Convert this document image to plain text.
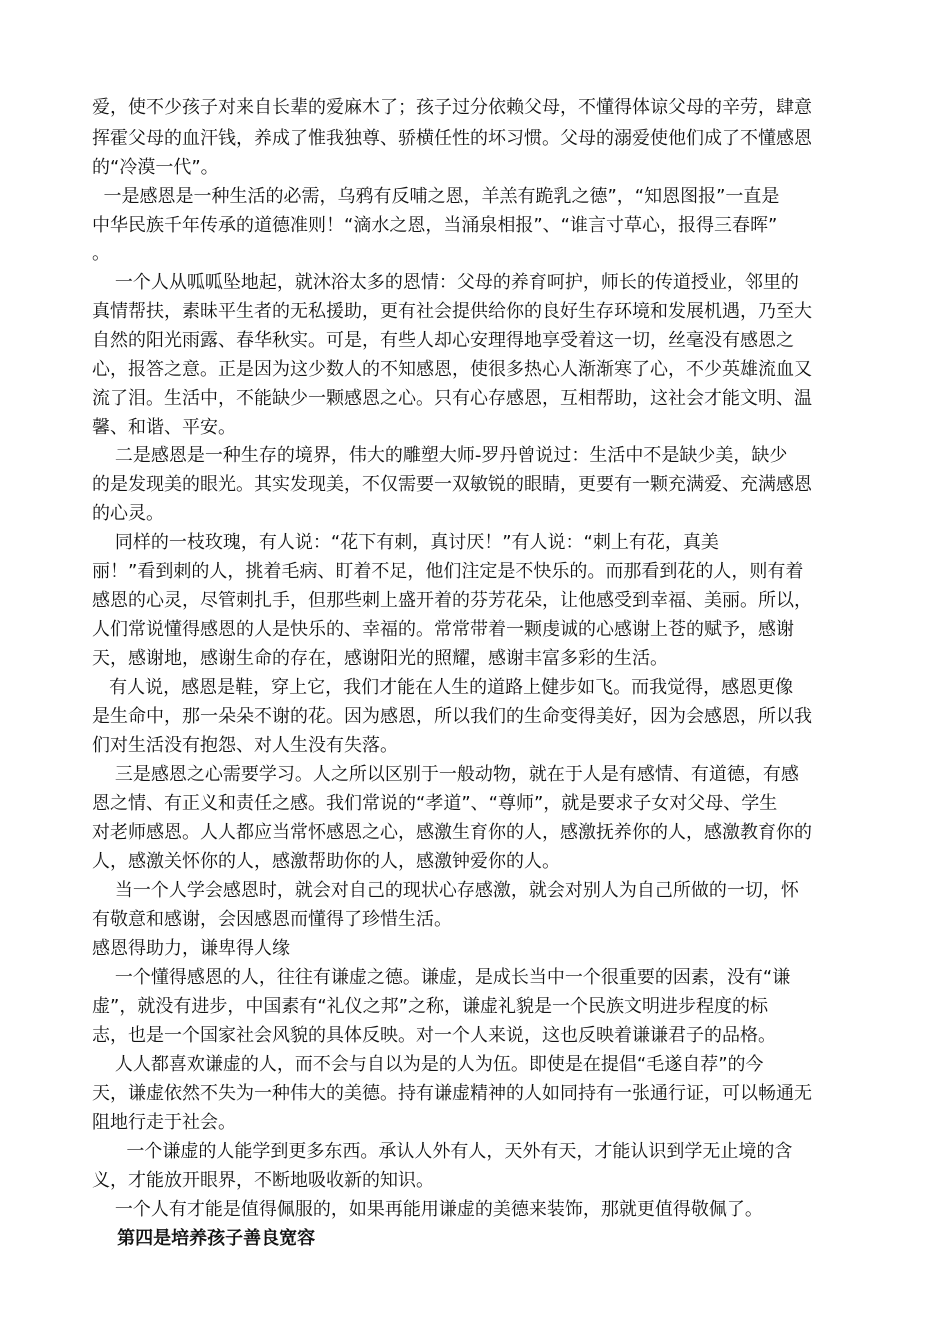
爱，使不少孩子对来自长辈的爱麻木了；孩子过分依赖父母，不懂得体谅父母的辛劳，肆意
挥霍父母的血汗钱，养成了惟我独尊、骄横任性的坏习惯。父母的溺爱使他们成了不懂感恩
的“冷漠一代”。
一是感恩是一种生活的必需，乌鸦有反哺之恩，羊羔有跪乳之德”，“知恩图报”一直是
中华民族千年传承的道德准则！“滴水之恩，当涌泉相报”、“谁言寸草心，报得三春晖”
。
一个人从呱呱坠地起，就沐浴太多的恩情：父母的养育呵护，师长的传道授业，邻里的
真情帮扶，素昧平生者的无私援助，更有社会提供给你的良好生存环境和发展机遇，乃至大
自然的阳光雨露、春华秋实。可是，有些人却心安理得地享受着这一切，丝毫没有感恩之
心，报答之意。正是因为这少数人的不知感恩，使很多热心人渐渐寒了心，不少英雄流血又
流了泪。生活中，不能缺少一颗感恩之心。只有心存感恩，互相帮助，这社会才能文明、温
馨、和谐、平安。
二是感恩是一种生存的境界，伟大的雕塑大师-罗丹曾说过：生活中不是缺少美，缺少
的是发现美的眼光。其实发现美，不仅需要一双敏锐的眼睛，更要有一颗充满爱、充满感恩
的心灵。
同样的一枝玫瑰，有人说：“花下有刺，真讨厌！”有人说：“刺上有花，真美
丽！”看到刺的人，挑着毛病、盯着不足，他们注定是不快乐的。而那看到花的人，则有着
感恩的心灵，尽管刺扎手，但那些刺上盛开着的芬芳花朵，让他感受到幸福、美丽。所以，
人们常说懂得感恩的人是快乐的、幸福的。常常带着一颗虔诚的心感谢上苍的赋予，感谢
天，感谢地，感谢生命的存在，感谢阳光的照耀，感谢丰富多彩的生活。
有人说，感恩是鞋，穿上它，我们才能在人生的道路上健步如飞。而我觉得，感恩更像
是生命中，那一朵朵不谢的花。因为感恩，所以我们的生命变得美好，因为会感恩，所以我
们对生活没有抱怨、对人生没有失落。
三是感恩之心需要学习。人之所以区别于一般动物，就在于人是有感情、有道德，有感
恩之情、有正义和责任之感。我们常说的“孝道”、“尊师”，就是要求子女对父母、学生
对老师感恩。人人都应当常怀感恩之心，感激生育你的人，感激抚养你的人，感激教育你的
人，感激关怀你的人，感激帮助你的人，感激钟爱你的人。
当一个人学会感恩时，就会对自己的现状心存感激，就会对别人为自己所做的一切，怀
有敬意和感谢，会因感恩而懂得了珍惜生活。
感恩得助力，谦卑得人缘
一个懂得感恩的人，往往有谦虚之德。谦虚，是成长当中一个很重要的因素，没有“谦
虚”，就没有进步，中国素有“礼仪之邦”之称，谦虚礼貌是一个民族文明进步程度的标
志，也是一个国家社会风貌的具体反映。对一个人来说，这也反映着谦谦君子的品格。
人人都喜欢谦虚的人，而不会与自以为是的人为伍。即使是在提倡“毛遂自荐”的今
天，谦虚依然不失为一种伟大的美德。持有谦虚精神的人如同持有一张通行证，可以畅通无
阻地行走于社会。
一个谦虚的人能学到更多东西。承认人外有人，天外有天，才能认识到学无止境的含
义，才能放开眼界，不断地吸收新的知识。
一个人有才能是值得佩服的，如果再能用谦虚的美德来装饰，那就更值得敬佩了。
第四是培养孩子善良宽容
